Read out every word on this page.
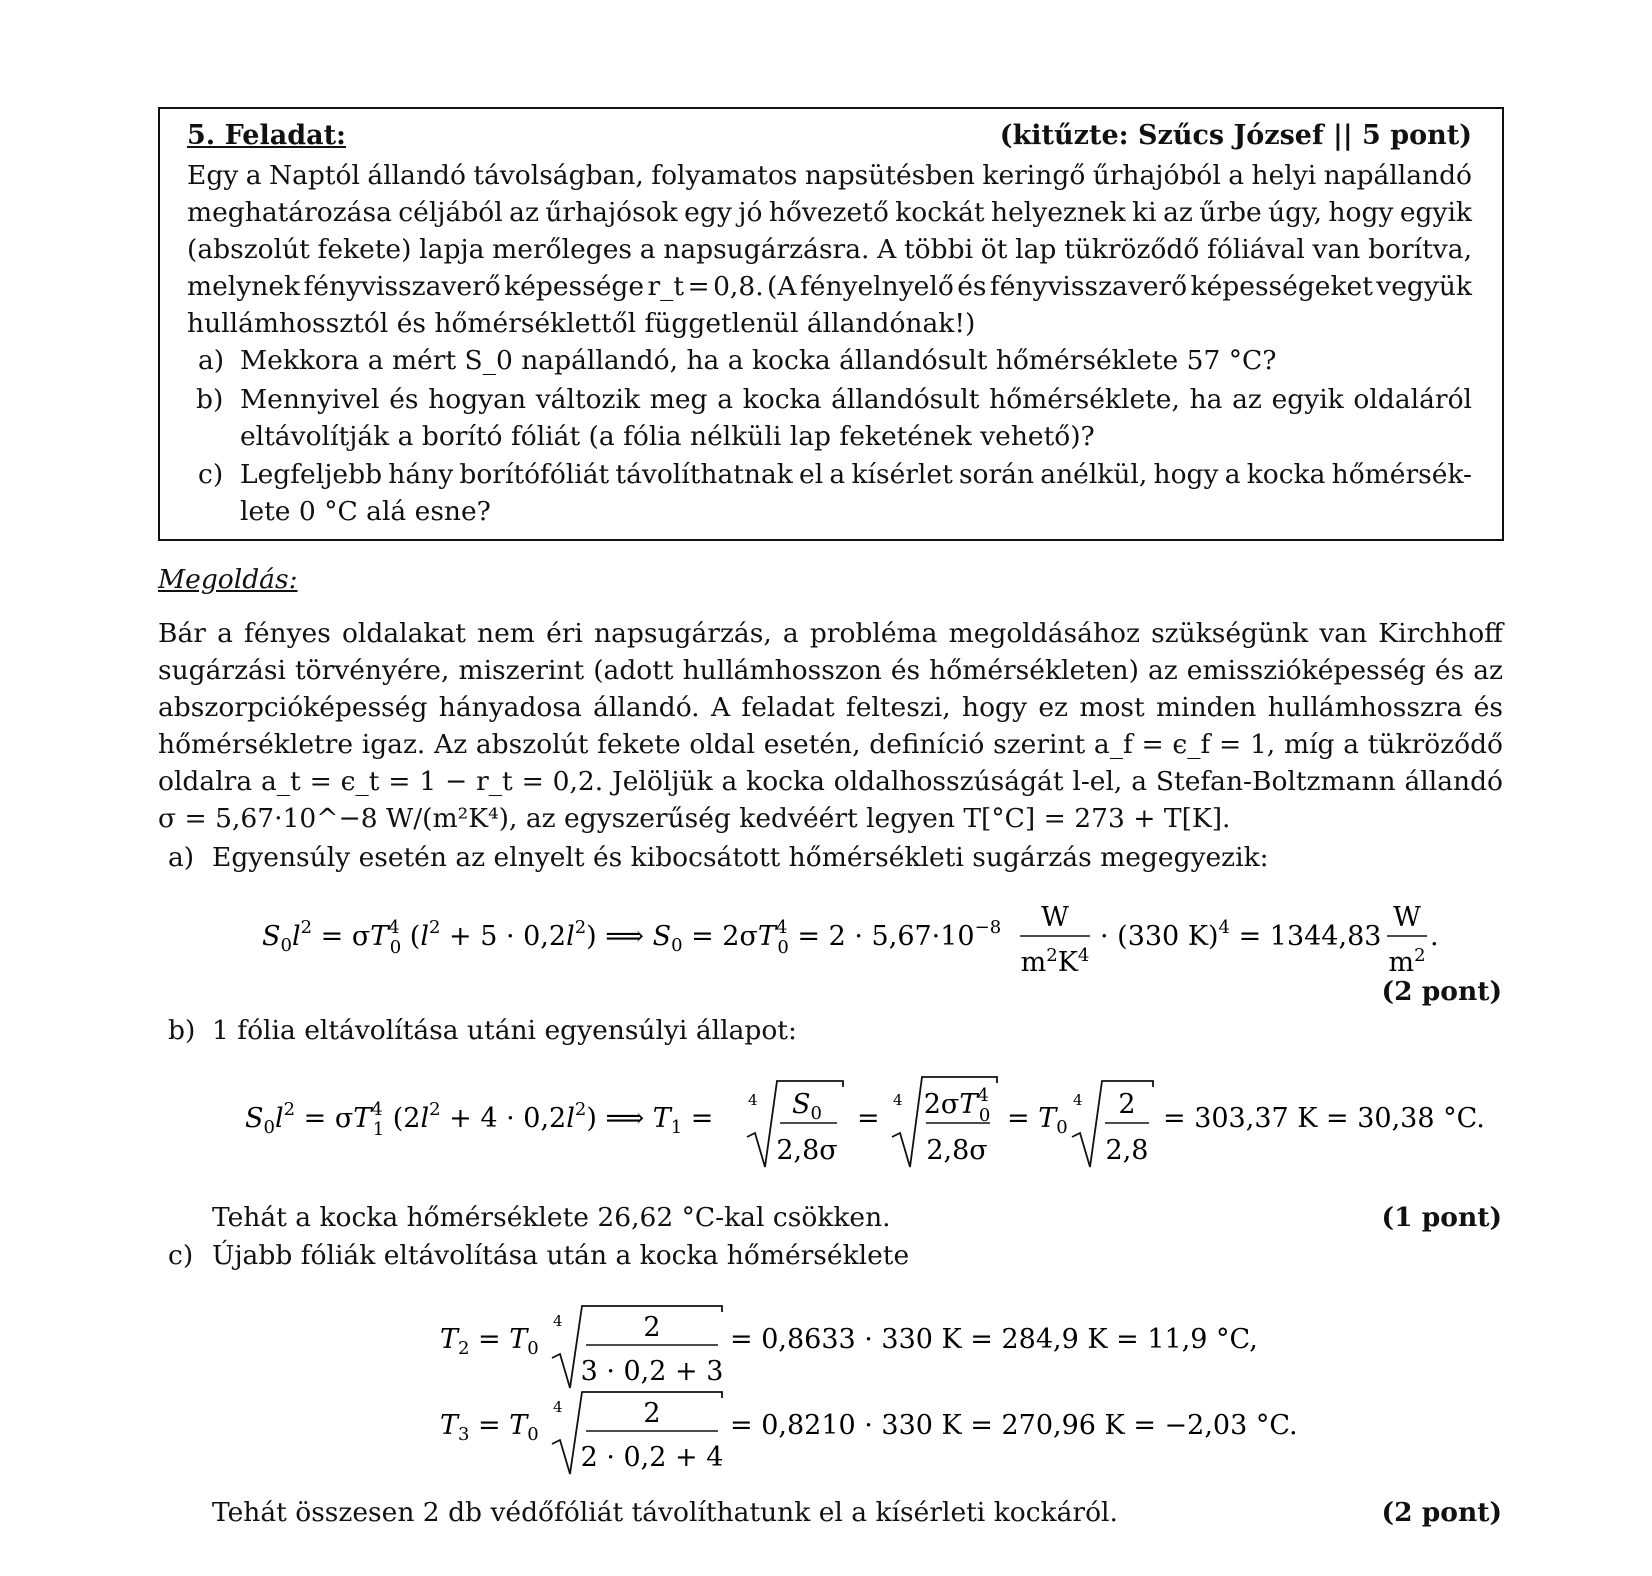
5. Feladat:	(kitűzte: Szűcs József || 5 pont)
Egy a Naptól állandó távolságban, folyamatos napsütésben keringő űrhajóból a helyi napállandó
meghatározása céljából az űrhajósok egy jó hővezető kockát helyeznek ki az űrbe úgy, hogy egyik
(abszolút fekete) lapja merőleges a napsugárzásra. A többi öt lap tükröződő fóliával van borítva,
melynek fényvisszaverő képessége r_t = 0,8. (A fényelnyelő és fényvisszaverő képességeket vegyük
hullámhossztól és hőmérséklettől függetlenül állandónak!)
a) Mekkora a mért S_0 napállandó, ha a kocka állandósult hőmérséklete 57 °C?
b) Mennyivel és hogyan változik meg a kocka állandósult hőmérséklete, ha az egyik oldaláról
eltávolítják a borító fóliát (a fólia nélküli lap feketének vehető)?
c) Legfeljebb hány borítófóliát távolíthatnak el a kísérlet során anélkül, hogy a kocka hőmérsék-
lete 0 °C alá esne?
Megoldás:
Bár a fényes oldalakat nem éri napsugárzás, a probléma megoldásához szükségünk van Kirchhoff
sugárzási törvényére, miszerint (adott hullámhosszon és hőmérsékleten) az emisszióképesség és az
abszorpcióképesség hányadosa állandó. A feladat felteszi, hogy ez most minden hullámhosszra és
hőmérsékletre igaz. Az abszolút fekete oldal esetén, definíció szerint a_f = ϵ_f = 1, míg a tükröződő
oldalra a_t = ϵ_t = 1 − r_t = 0,2. Jelöljük a kocka oldalhosszúságát l-el, a Stefan-Boltzmann állandó
σ = 5,67·10^−8 W/(m²K⁴), az egyszerűség kedvéért legyen T[°C] = 273 + T[K].
a) Egyensúly esetén az elnyelt és kibocsátott hőmérsékleti sugárzás megegyezik:
$S_0l^2 = \sigma T^4$ 0 $(l^2 + 5 \cdot 0,2l^2)$ ⟹ $S_0 = 2\sigma T^4$ $0 = 2 \cdot 5,67\cdot 10^{-8}$ W
$m^2K^4$
· (330 K)$^4$ = 1344,83
W
$m^2$
.
(2 pont)
b) 1 fólia eltávolítása utáni egyensúlyi állapot:
$S_0l^2 = \sigma T^4$ 1 $(2l^2 + 4 \cdot 0,2l^2)$ ⟹ $T_1$ =
4 $S_0$
2,8σ
=
4 $2\sigma T^4$ 0
2,8σ
= $T_0$
4 2
2,8
= 303,37 K = 30,38 °C.
Tehát a kocka hőmérséklete 26,62 °C-kal csökken.	(1 pont)
c) Újabb fóliák eltávolítása után a kocka hőmérséklete
$T_2 = T_0$
4	2
3 · 0,2 + 3
= 0,8633 · 330 K = 284,9 K = 11,9 °C,
$T_3 = T_0$
4	2
2 · 0,2 + 4
= 0,8210 · 330 K = 270,96 K = −2,03 °C.
Tehát összesen 2 db védőfóliát távolíthatunk el a kísérleti kockáról.	(2 pont)
